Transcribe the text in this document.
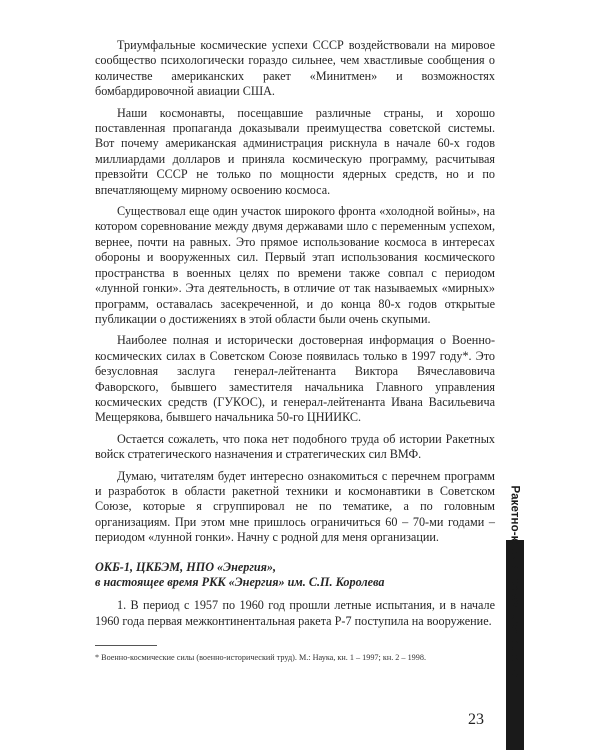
Триумфальные космические успехи СССР воздействовали на мировое сообщество психологически гораздо сильнее, чем хвастливые сообщения о количестве американских ракет «Минитмен» и возможностях бомбардировочной авиации США.

Наши космонавты, посещавшие различные страны, и хорошо поставленная пропаганда доказывали преимущества советской системы. Вот почему американская администрация рискнула в начале 60-х годов миллиардами долларов и приняла космическую программу, расчитывая превзойти СССР не только по мощности ядерных средств, но и по впечатляющему мирному освоению космоса.

Существовал еще один участок широкого фронта «холодной войны», на котором соревнование между двумя державами шло с переменным успехом, вернее, почти на равных. Это прямое использование космоса в интересах обороны и вооруженных сил. Первый этап использования космического пространства в военных целях по времени также совпал с периодом «лунной гонки». Эта деятельность, в отличие от так называемых «мирных» программ, оставалась засекреченной, и до конца 80-х годов открытые публикации о достижениях в этой области были очень скупыми.

Наиболее полная и исторически достоверная информация о Военно-космических силах в Советском Союзе появилась только в 1997 году*. Это безусловная заслуга генерал-лейтенанта Виктора Вячеславовича Фаворского, бывшего заместителя начальника Главного управления космических средств (ГУКОС), и генерал-лейтенанта Ивана Васильевича Мещерякова, бывшего начальника 50-го ЦНИИКС.

Остается сожалеть, что пока нет подобного труда об истории Ракетных войск стратегического назначения и стратегических сил ВМФ.

Думаю, читателям будет интересно ознакомиться с перечнем программ и разработок в области ракетной техники и космонавтики в Советском Союзе, которые я сгруппировал не по тематике, а по головным организациям. При этом мне пришлось ограничиться 60 – 70-ми годами – периодом «лунной гонки». Начну с родной для меня организации.

ОКБ-1, ЦКБЭМ, НПО «Энергия»,
в настоящее время РКК «Энергия» им. С.П. Королева

1. В период с 1957 по 1960 год прошли летные испытания, и в начале 1960 года первая межконтинентальная ракета Р-7 поступила на вооружение.

* Военно-космические силы (военно-исторический труд). М.: Наука, кн. 1 – 1997; кн. 2 – 1998.	Ракетно-космическая хронология
23
